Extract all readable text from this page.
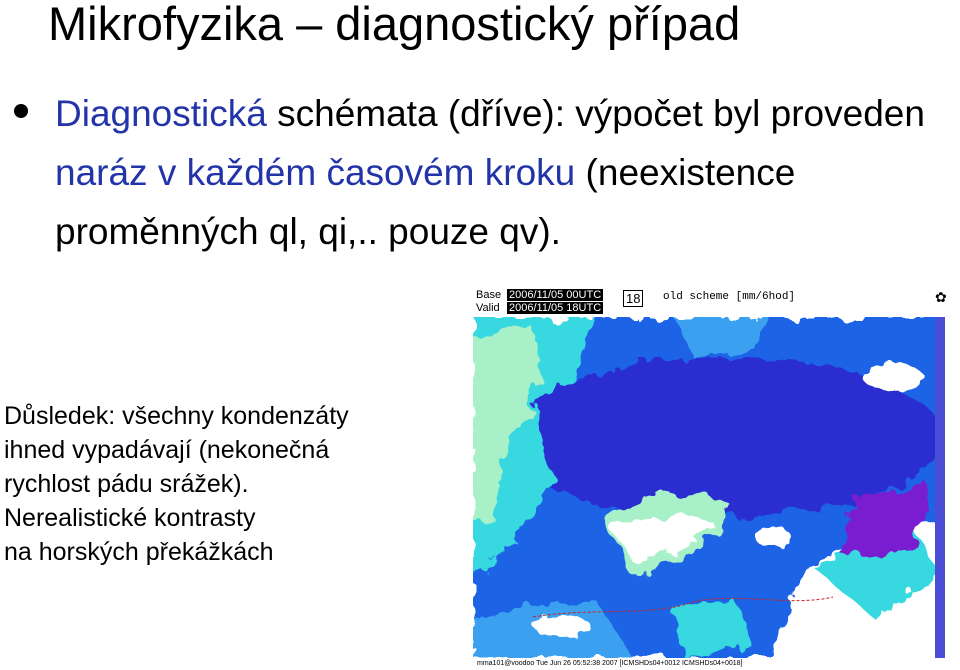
Mikrofyzika – diagnostický případ
Diagnostická schémata (dříve): výpočet byl proveden naráz v každém časovém kroku (neexistence proměnných ql, qi,.. pouze qv).
Důsledek: všechny kondenzáty
ihned vypadávají (nekonečná
rychlost pádu srážek).
Nerealistické kontrasty
na horských překážkách
Base 2006/11/05 00UTC
Valid 2006/11/05 18UTC
18 old scheme [mm/6hod]	✿
mma101@voodoo Tue Jun 26 05:52:38 2007 [ICMSHDs04+0012 ICMSHDs04+0018]
